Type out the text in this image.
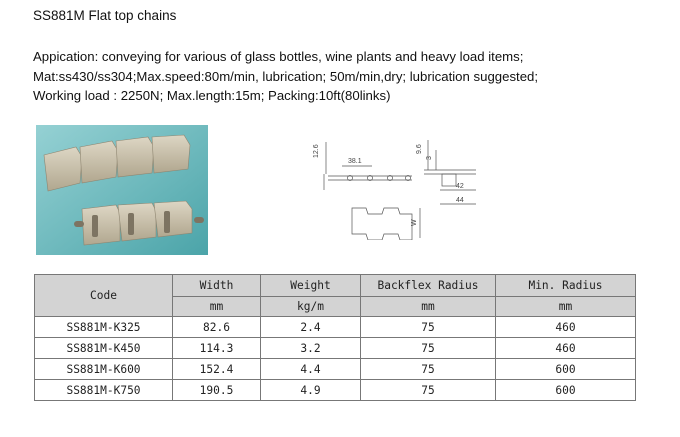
SS881M Flat top chains
Appication: conveying for various of glass bottles, wine plants and heavy load items;
Mat:ss430/ss304;Max.speed:80m/min, lubrication; 50m/min,dry; lubrication suggested;
Working load : 2250N; Max.length:15m; Packing:10ft(80links)
12.6
38.1
9.6
3
42
44
W
Code	Width	Weight	Backflex Radius	Min. Radius
	mm	kg/m	mm	mm
SS881M-K325	82.6	2.4	75	460
SS881M-K450	114.3	3.2	75	460
SS881M-K600	152.4	4.4	75	600
SS881M-K750	190.5	4.9	75	600
